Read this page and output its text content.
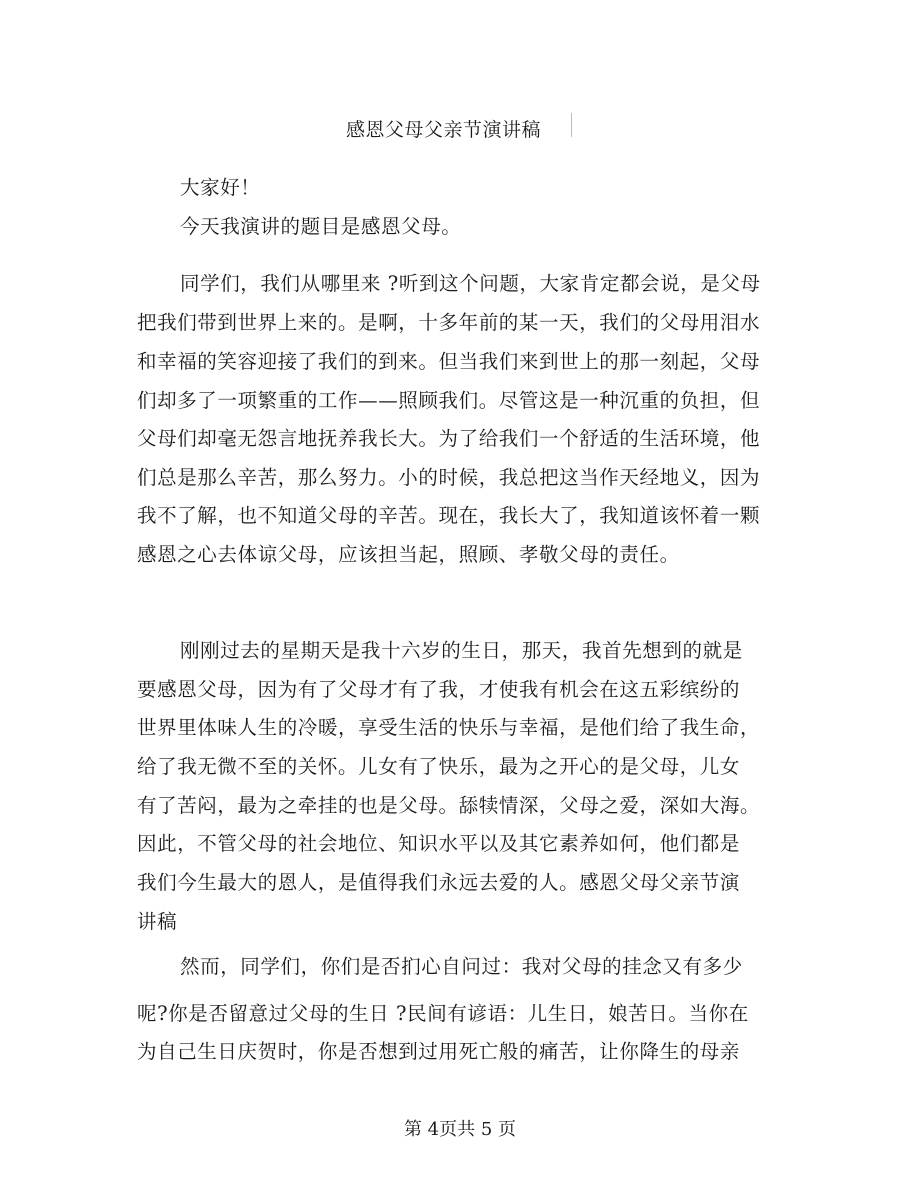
感恩父母父亲节演讲稿
大家好！
今天我演讲的题目是感恩父母。
同学们，我们从哪里来 ?听到这个问题，大家肯定都会说，是父母
把我们带到世界上来的。是啊，十多年前的某一天，我们的父母用泪水
和幸福的笑容迎接了我们的到来。但当我们来到世上的那一刻起，父母
们却多了一项繁重的工作——照顾我们。尽管这是一种沉重的负担，但
父母们却毫无怨言地抚养我长大。为了给我们一个舒适的生活环境，他
们总是那么辛苦，那么努力。小的时候，我总把这当作天经地义，因为
我不了解，也不知道父母的辛苦。现在，我长大了，我知道该怀着一颗
感恩之心去体谅父母，应该担当起，照顾、孝敬父母的责任。
刚刚过去的星期天是我十六岁的生日，那天，我首先想到的就是
要感恩父母，因为有了父母才有了我，才使我有机会在这五彩缤纷的
世界里体味人生的冷暖，享受生活的快乐与幸福，是他们给了我生命，
给了我无微不至的关怀。儿女有了快乐，最为之开心的是父母，儿女
有了苦闷，最为之牵挂的也是父母。舔犊情深，父母之爱，深如大海。
因此，不管父母的社会地位、知识水平以及其它素养如何，他们都是
我们今生最大的恩人，是值得我们永远去爱的人。感恩父母父亲节演
讲稿
然而，同学们，你们是否扪心自问过：我对父母的挂念又有多少
呢?你是否留意过父母的生日 ?民间有谚语：儿生日，娘苦日。当你在
为自己生日庆贺时，你是否想到过用死亡般的痛苦，让你降生的母亲
第 4页共 5 页
